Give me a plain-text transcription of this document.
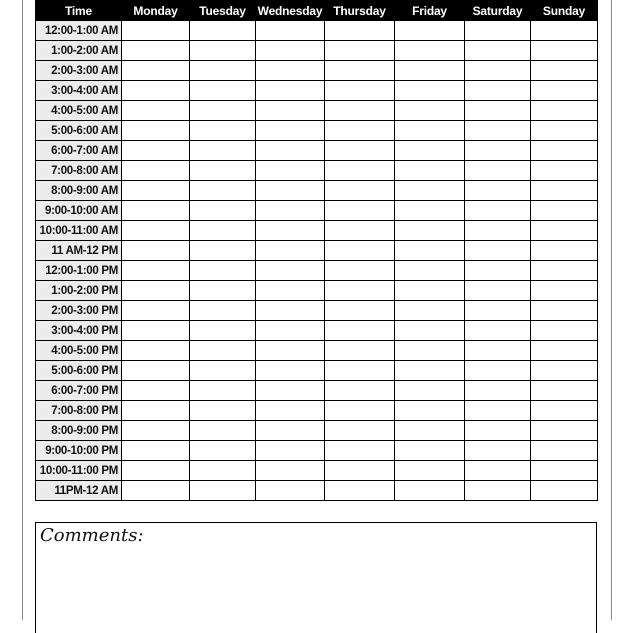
Time	Monday	Tuesday	Wednesday	Thursday	Friday	Saturday	Sunday
12:00-1:00 AM							
1:00-2:00 AM							
2:00-3:00 AM							
3:00-4:00 AM							
4:00-5:00 AM							
5:00-6:00 AM							
6:00-7:00 AM							
7:00-8:00 AM							
8:00-9:00 AM							
9:00-10:00 AM							
10:00-11:00 AM							
11 AM-12 PM							
12:00-1:00 PM							
1:00-2:00 PM							
2:00-3:00 PM							
3:00-4:00 PM							
4:00-5:00 PM							
5:00-6:00 PM							
6:00-7:00 PM							
7:00-8:00 PM							
8:00-9:00 PM							
9:00-10:00 PM							
10:00-11:00 PM							
11PM-12 AM							
Comments:
